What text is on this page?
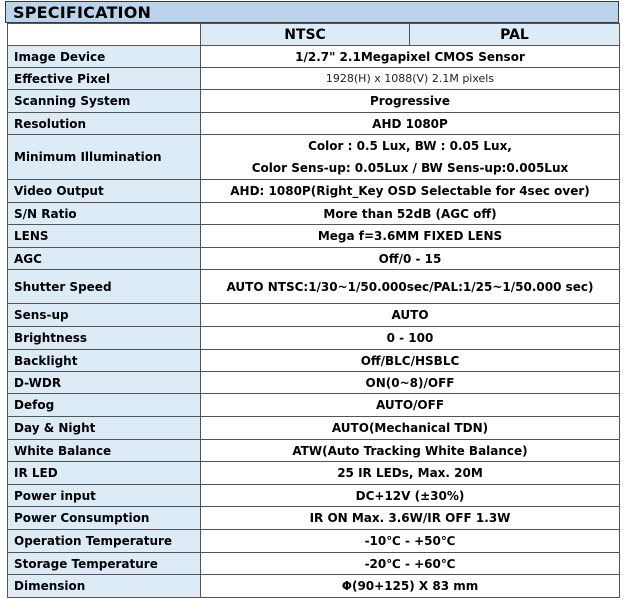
SPECIFICATION
	NTSC	PAL
Image Device	1/2.7" 2.1Megapixel CMOS Sensor	
Effective Pixel	1928(H) x 1088(V) 2.1M pixels	
Scanning System	Progressive	
Resolution	AHD 1080P	
Minimum Illumination	Color : 0.5 Lux, BW : 0.05 Lux,
Color Sens-up: 0.05Lux / BW Sens-up:0.005Lux	

Video Output	AHD: 1080P(Right_Key OSD Selectable for 4sec over)	
S/N Ratio	More than 52dB (AGC off)	
LENS	Mega f=3.6MM FIXED LENS	
AGC	Off/0 - 15	
Shutter Speed	AUTO NTSC:1/30~1/50.000sec/PAL:1/25~1/50.000 sec)	
Sens-up	AUTO	
Brightness	0 - 100	
Backlight	Off/BLC/HSBLC	
D-WDR	ON(0~8)/OFF	
Defog	AUTO/OFF	
Day & Night	AUTO(Mechanical TDN)	
White Balance	ATW(Auto Tracking White Balance)	
IR LED	25 IR LEDs, Max. 20M	
Power input	DC+12V (±30%)	
Power Consumption	IR ON Max. 3.6W/IR OFF 1.3W	
Operation Temperature	-10℃ - +50℃	
Storage Temperature	-20℃ - +60℃	
Dimension	Φ(90+125) X 83 mm	
